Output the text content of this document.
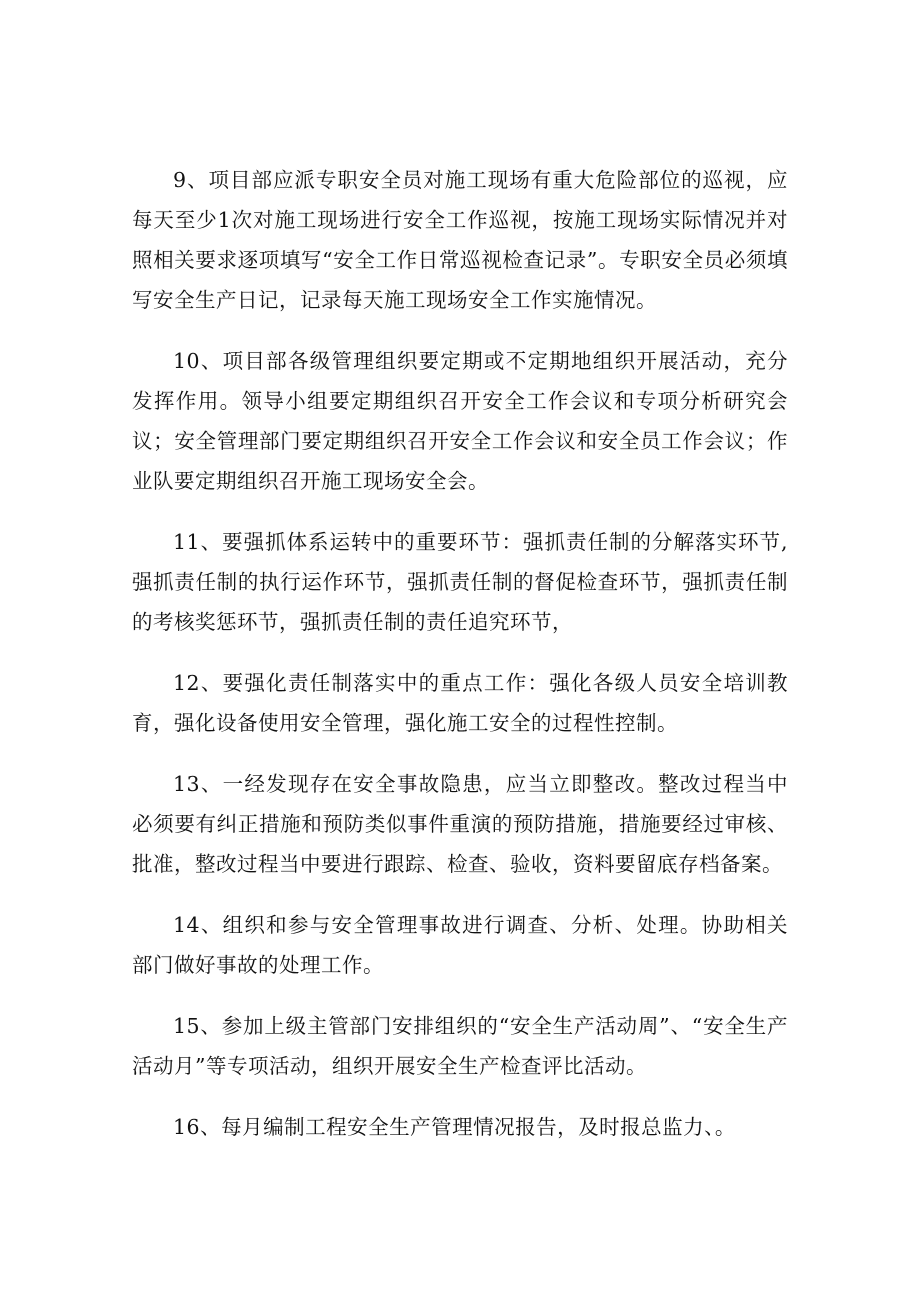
9、项目部应派专职安全员对施工现场有重大危险部位的巡视，应每天至少1次对施工现场进行安全工作巡视，按施工现场实际情况并对照相关要求逐项填写“安全工作日常巡视检查记录”。专职安全员必须填写安全生产日记，记录每天施工现场安全工作实施情况。

10、项目部各级管理组织要定期或不定期地组织开展活动，充分发挥作用。领导小组要定期组织召开安全工作会议和专项分析研究会议；安全管理部门要定期组织召开安全工作会议和安全员工作会议；作业队要定期组织召开施工现场安全会。

11、要强抓体系运转中的重要环节：强抓责任制的分解落实环节,强抓责任制的执行运作环节，强抓责任制的督促检查环节，强抓责任制的考核奖惩环节，强抓责任制的责任追究环节，

12、要强化责任制落实中的重点工作：强化各级人员安全培训教育，强化设备使用安全管理，强化施工安全的过程性控制。

13、一经发现存在安全事故隐患，应当立即整改。整改过程当中必须要有纠正措施和预防类似事件重演的预防措施，措施要经过审核、批准，整改过程当中要进行跟踪、检查、验收，资料要留底存档备案。

14、组织和参与安全管理事故进行调查、分析、处理。协助相关部门做好事故的处理工作。

15、参加上级主管部门安排组织的“安全生产活动周”、“安全生产活动月”等专项活动，组织开展安全生产检查评比活动。

16、每月编制工程安全生产管理情况报告，及时报总监力、。
